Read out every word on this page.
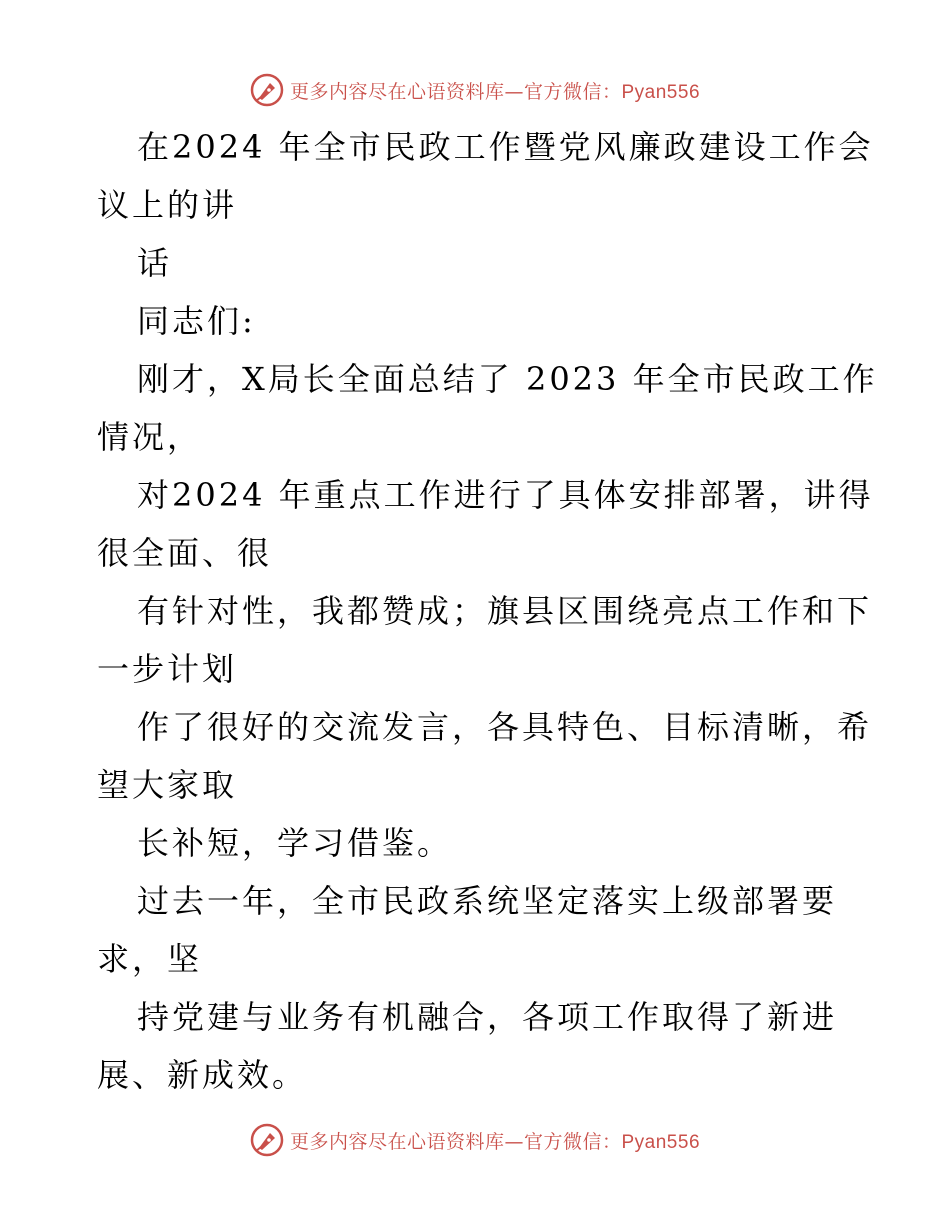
更多内容尽在心语资料库—官方微信：Pyan556
在2024 年全市民政工作暨党风廉政建设工作会
议上的讲
话
同志们:
刚才，X局长全面总结了 2023 年全市民政工作
情况，
对2024 年重点工作进行了具体安排部署，讲得
很全面、很
有针对性，我都赞成；旗县区围绕亮点工作和下
一步计划
作了很好的交流发言，各具特色、目标清晰，希
望大家取
长补短，学习借鉴。
过去一年，全市民政系统坚定落实上级部署要
求，坚
持党建与业务有机融合，各项工作取得了新进
展、新成效。
更多内容尽在心语资料库—官方微信：Pyan556
